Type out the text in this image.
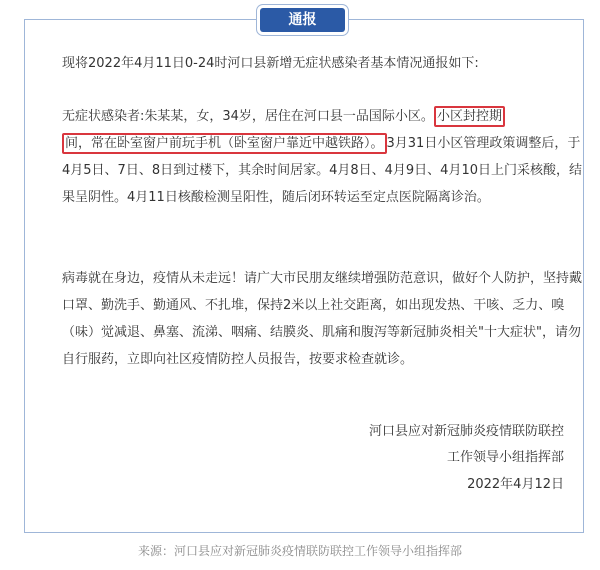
通报
现将2022年4月11日0-24时河口县新增无症状感染者基本情况通报如下:
无症状感染者:朱某某，女，34岁，居住在河口县一品国际小区。 小区封控期
间，常在卧室窗户前玩手机（卧室窗户靠近中越铁路）。 3月31日小区管理政策调整后，于4月5日、7日、8日到过楼下，其余时间居家。4月8日、4月9日、4月10日上门采核酸，结果呈阴性。4月11日核酸检测呈阳性，随后闭环转运至定点医院隔离诊治。
病毒就在身边，疫情从未走远！请广大市民朋友继续增强防范意识，做好个人防护，坚持戴口罩、勤洗手、勤通风、不扎堆，保持2米以上社交距离，如出现发热、干咳、乏力、嗅（味）觉减退、鼻塞、流涕、咽痛、结膜炎、肌痛和腹泻等新冠肺炎相关"十大症状"，请勿自行服药，立即向社区疫情防控人员报告，按要求检查就诊。
河口县应对新冠肺炎疫情联防联控
工作领导小组指挥部
2022年4月12日
来源：河口县应对新冠肺炎疫情联防联控工作领导小组指挥部
